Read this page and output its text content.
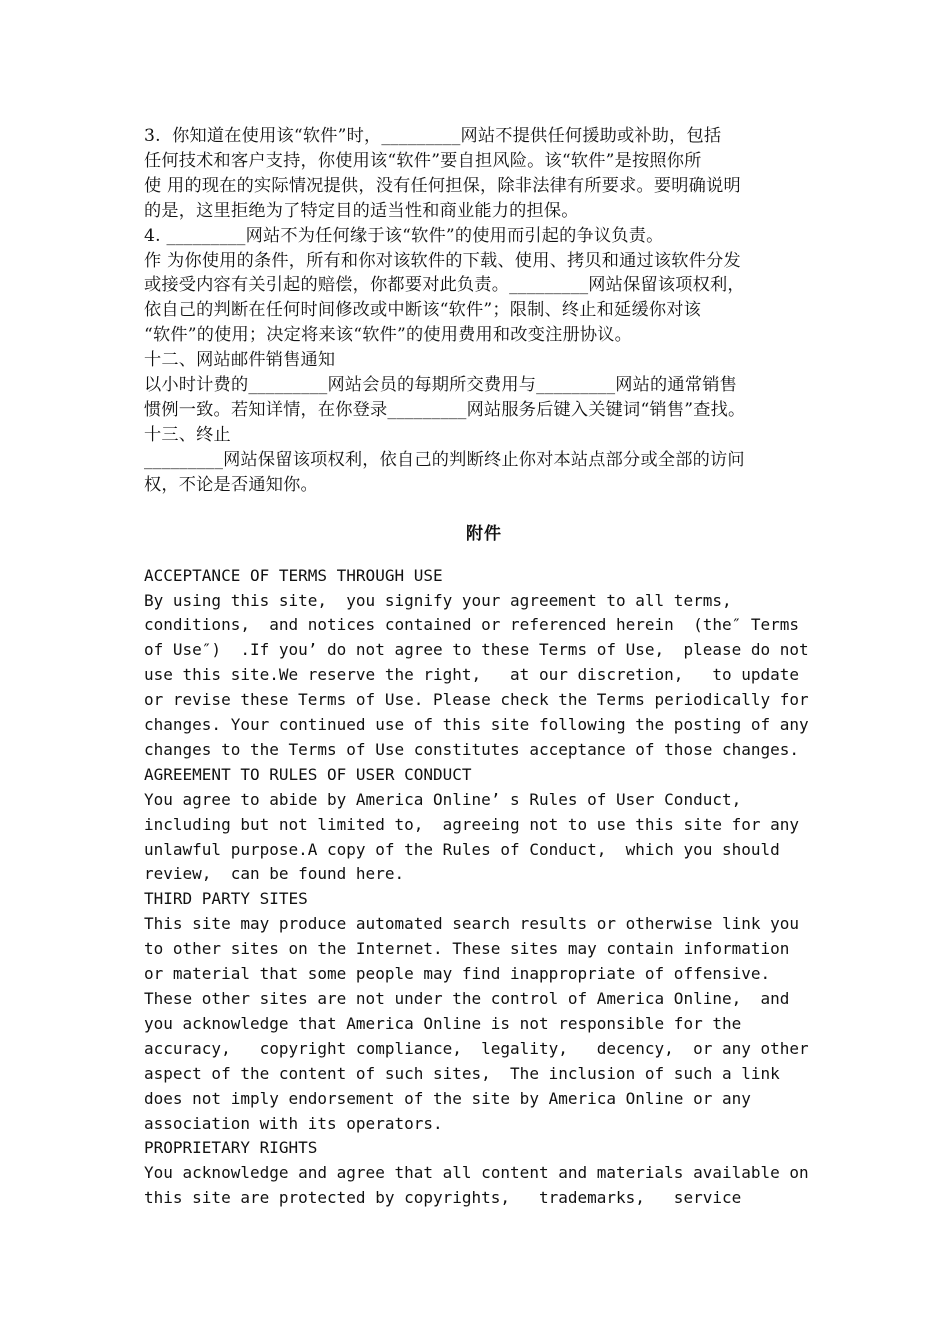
3.  你知道在使用该“软件”时，_________网站不提供任何援助或补助，包括
任何技术和客户支持，你使用该“软件”要自担风险。该“软件”是按照你所
使 用的现在的实际情况提供，没有任何担保，除非法律有所要求。要明确说明
的是，这里拒绝为了特定目的适当性和商业能力的担保。
4. _________网站不为任何缘于该“软件”的使用而引起的争议负责。
作 为你使用的条件，所有和你对该软件的下载、使用、拷贝和通过该软件分发
或接受内容有关引起的赔偿，你都要对此负责。_________网站保留该项权利，
依自己的判断在任何时间修改或中断该“软件”；限制、终止和延缓你对该
“软件”的使用；决定将来该“软件”的使用费用和改变注册协议。
十二、网站邮件销售通知
以小时计费的_________网站会员的每期所交费用与_________网站的通常销售
惯例一致。若知详情，在你登录_________网站服务后键入关键词“销售”查找。
十三、终止
_________网站保留该项权利，依自己的判断终止你对本站点部分或全部的访问
权，不论是否通知你。
附件
ACCEPTANCE OF TERMS THROUGH USE
By using this site,  you signify your agreement to all terms,
conditions,  and notices contained or referenced herein  (the″ Terms
of Use″)  .If you’ do not agree to these Terms of Use,  please do not
use this site.We reserve the right,   at our discretion,   to update
or revise these Terms of Use. Please check the Terms periodically for
changes. Your continued use of this site following the posting of any
changes to the Terms of Use constitutes acceptance of those changes.
AGREEMENT TO RULES OF USER CONDUCT
You agree to abide by America Online’ s Rules of User Conduct,
including but not limited to,  agreeing not to use this site for any
unlawful purpose.A copy of the Rules of Conduct,  which you should
review,  can be found here.
THIRD PARTY SITES
This site may produce automated search results or otherwise link you
to other sites on the Internet. These sites may contain information
or material that some people may find inappropriate of offensive.
These other sites are not under the control of America Online,  and
you acknowledge that America Online is not responsible for the
accuracy,   copyright compliance,  legality,   decency,  or any other
aspect of the content of such sites,  The inclusion of such a link
does not imply endorsement of the site by America Online or any
association with its operators.
PROPRIETARY RIGHTS
You acknowledge and agree that all content and materials available on
this site are protected by copyrights,   trademarks,   service
